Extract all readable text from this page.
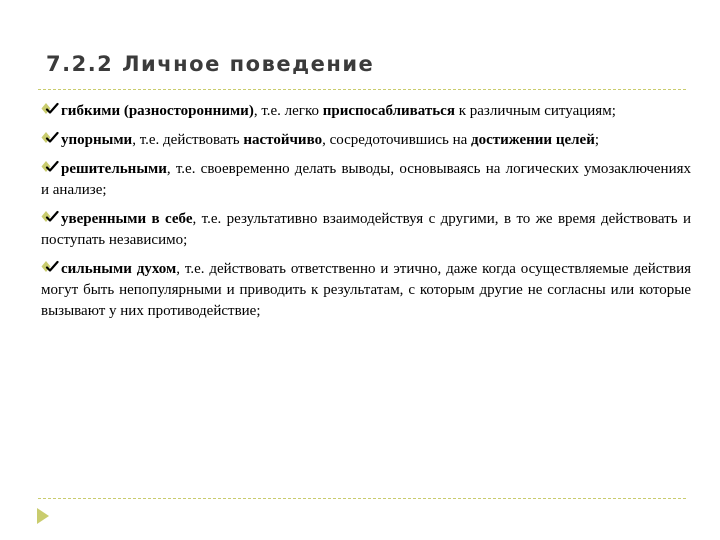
7.2.2 Личное поведение

гибкими (разносторонними), т.е. легко приспосабливаться к различным ситуациям;

упорными, т.е. действовать настойчиво, сосредоточившись на достижении целей;

решительными, т.е. своевременно делать выводы, основываясь на логических умозаключениях и анализе;

уверенными в себе, т.е. результативно взаимодействуя с другими, в то же время действовать и поступать независимо;

сильными духом, т.е. действовать ответственно и этично, даже когда осуществляемые действия могут быть непопулярными и приводить к результатам, с которым другие не согласны или которые вызывают у них противодействие;
